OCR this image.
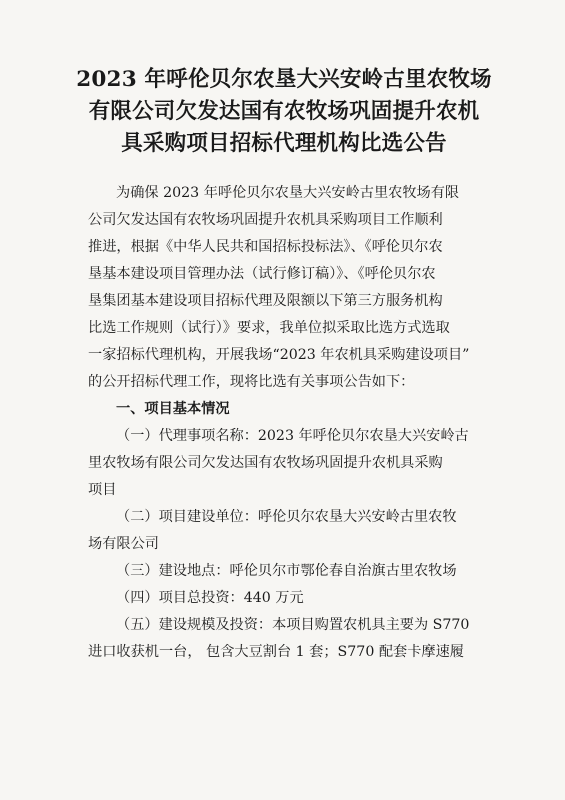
2023 年呼伦贝尔农垦大兴安岭古里农牧场
有限公司欠发达国有农牧场巩固提升农机
具采购项目招标代理机构比选公告
为确保 2023 年呼伦贝尔农垦大兴安岭古里农牧场有限
公司欠发达国有农牧场巩固提升农机具采购项目工作顺利
推进，根据《中华人民共和国招标投标法》、《呼伦贝尔农
垦基本建设项目管理办法（试行修订稿）》、《呼伦贝尔农
垦集团基本建设项目招标代理及限额以下第三方服务机构
比选工作规则（试行）》要求，我单位拟采取比选方式选取
一家招标代理机构，开展我场“2023 年农机具采购建设项目”
的公开招标代理工作，现将比选有关事项公告如下：
一、项目基本情况
（一）代理事项名称：2023 年呼伦贝尔农垦大兴安岭古
里农牧场有限公司欠发达国有农牧场巩固提升农机具采购
项目
（二）项目建设单位：呼伦贝尔农垦大兴安岭古里农牧
场有限公司
（三）建设地点：呼伦贝尔市鄂伦春自治旗古里农牧场
（四）项目总投资：440 万元
（五）建设规模及投资：本项目购置农机具主要为 S770
进口收获机一台， 包含大豆割台 1 套；S770 配套卡摩速履
